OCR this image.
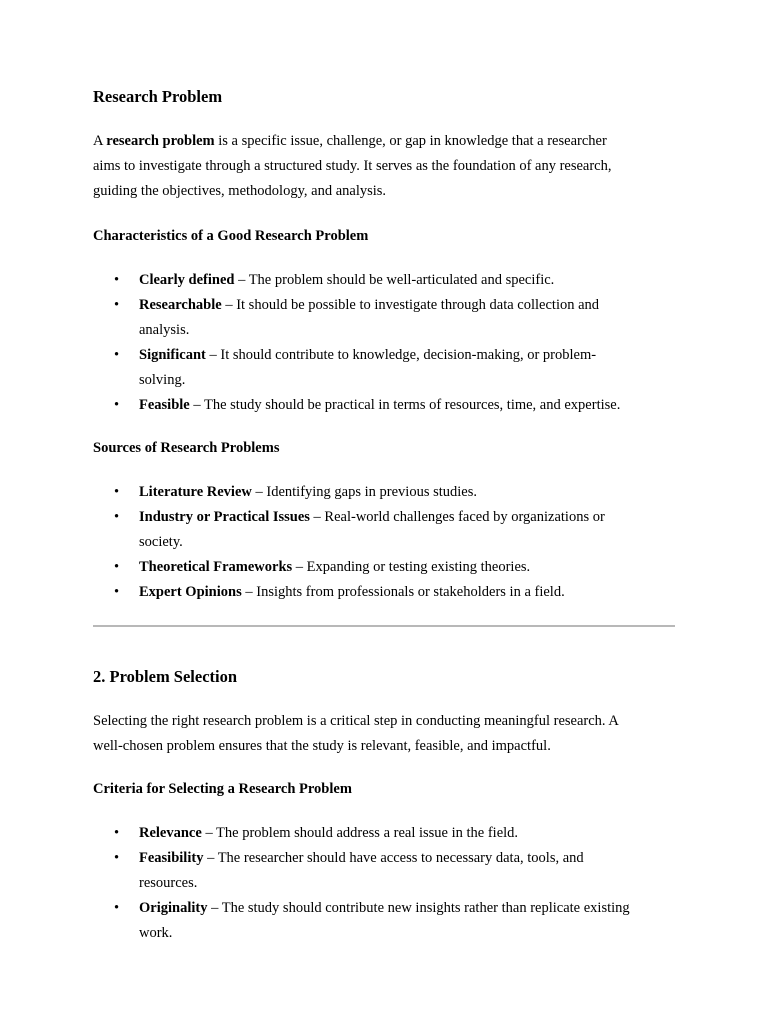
Research Problem

A research problem is a specific issue, challenge, or gap in knowledge that a researcher
aims to investigate through a structured study. It serves as the foundation of any research,
guiding the objectives, methodology, and analysis.

Characteristics of a Good Research Problem
•	Clearly defined – The problem should be well-articulated and specific.
•	Researchable – It should be possible to investigate through data collection and
analysis.
•	Significant – It should contribute to knowledge, decision-making, or problem-
solving.
•	Feasible – The study should be practical in terms of resources, time, and expertise.
Sources of Research Problems
•	Literature Review – Identifying gaps in previous studies.
•	Industry or Practical Issues – Real-world challenges faced by organizations or
society.
•	Theoretical Frameworks – Expanding or testing existing theories.
•	Expert Opinions – Insights from professionals or stakeholders in a field.
2. Problem Selection

Selecting the right research problem is a critical step in conducting meaningful research. A
well-chosen problem ensures that the study is relevant, feasible, and impactful.

Criteria for Selecting a Research Problem
•	Relevance – The problem should address a real issue in the field.
•	Feasibility – The researcher should have access to necessary data, tools, and
resources.
•	Originality – The study should contribute new insights rather than replicate existing
work.
